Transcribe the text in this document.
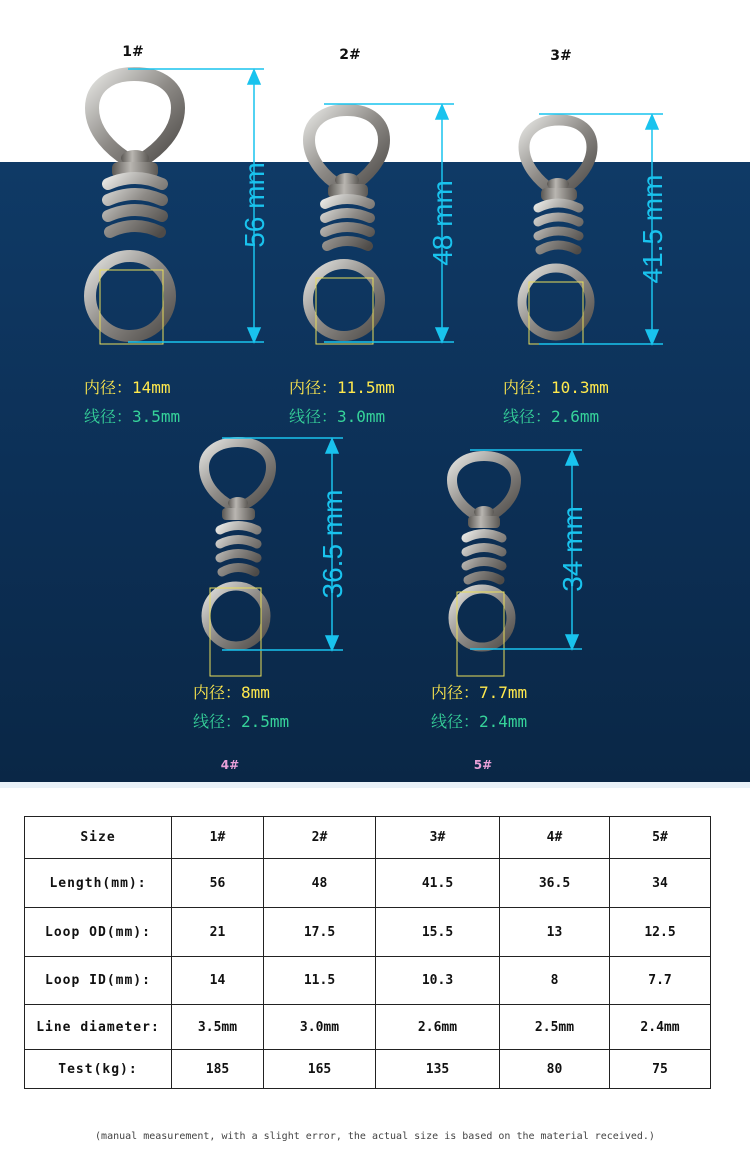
1#	2#	3#
56 mm	48 mm	41.5 mm
36.5 mm	34 mm
内径：14mm
线径：3.5mm
内径：11.5mm
线径：3.0mm
内径：10.3mm
线径：2.6mm
内径：8mm
线径：2.5mm
内径：7.7mm
线径：2.4mm
4#	5#
Size	1#	2#	3#	4#	5#
Length(mm):	56	48	41.5	36.5	34
Loop OD(mm):	21	17.5	15.5	13	12.5
Loop ID(mm):	14	11.5	10.3	8	7.7
Line diameter:	3.5mm	3.0mm	2.6mm	2.5mm	2.4mm
Test(kg):	185	165	135	80	75
(manual measurement, with a slight error, the actual size is based on the material received.)
